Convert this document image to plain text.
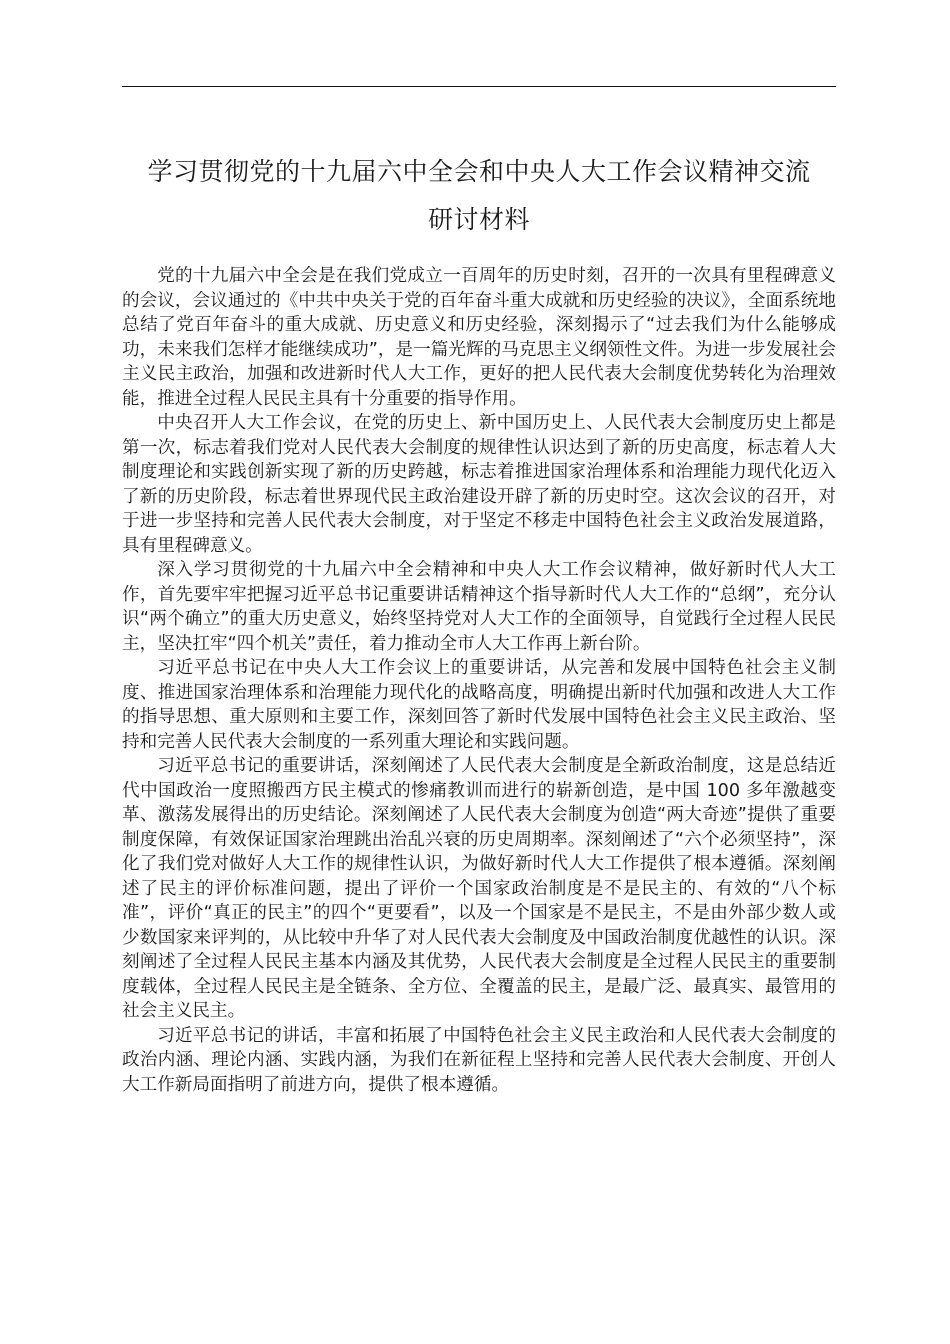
学习贯彻党的十九届六中全会和中央人大工作会议精神交流
研讨材料

党的十九届六中全会是在我们党成立一百周年的历史时刻，召开的一次具有里程碑意义的会议，会议通过的《中共中央关于党的百年奋斗重大成就和历史经验的决议》，全面系统地总结了党百年奋斗的重大成就、历史意义和历史经验，深刻揭示了“过去我们为什么能够成功，未来我们怎样才能继续成功”，是一篇光辉的马克思主义纲领性文件。为进一步发展社会主义民主政治，加强和改进新时代人大工作，更好的把人民代表大会制度优势转化为治理效能，推进全过程人民民主具有十分重要的指导作用。

中央召开人大工作会议，在党的历史上、新中国历史上、人民代表大会制度历史上都是第一次，标志着我们党对人民代表大会制度的规律性认识达到了新的历史高度，标志着人大制度理论和实践创新实现了新的历史跨越，标志着推进国家治理体系和治理能力现代化迈入了新的历史阶段，标志着世界现代民主政治建设开辟了新的历史时空。这次会议的召开，对于进一步坚持和完善人民代表大会制度，对于坚定不移走中国特色社会主义政治发展道路，具有里程碑意义。

深入学习贯彻党的十九届六中全会精神和中央人大工作会议精神，做好新时代人大工作，首先要牢牢把握习近平总书记重要讲话精神这个指导新时代人大工作的“总纲”，充分认识“两个确立”的重大历史意义，始终坚持党对人大工作的全面领导，自觉践行全过程人民民主，坚决扛牢“四个机关”责任，着力推动全市人大工作再上新台阶。

习近平总书记在中央人大工作会议上的重要讲话，从完善和发展中国特色社会主义制度、推进国家治理体系和治理能力现代化的战略高度，明确提出新时代加强和改进人大工作的指导思想、重大原则和主要工作，深刻回答了新时代发展中国特色社会主义民主政治、坚持和完善人民代表大会制度的一系列重大理论和实践问题。

习近平总书记的重要讲话，深刻阐述了人民代表大会制度是全新政治制度，这是总结近代中国政治一度照搬西方民主模式的惨痛教训而进行的崭新创造，是中国 100 多年激越变革、激荡发展得出的历史结论。深刻阐述了人民代表大会制度为创造“两大奇迹”提供了重要制度保障，有效保证国家治理跳出治乱兴衰的历史周期率。深刻阐述了“六个必须坚持”，深化了我们党对做好人大工作的规律性认识，为做好新时代人大工作提供了根本遵循。深刻阐述了民主的评价标准问题，提出了评价一个国家政治制度是不是民主的、有效的“八个标准”，评价“真正的民主”的四个“更要看”，以及一个国家是不是民主，不是由外部少数人或少数国家来评判的，从比较中升华了对人民代表大会制度及中国政治制度优越性的认识。深刻阐述了全过程人民民主基本内涵及其优势，人民代表大会制度是全过程人民民主的重要制度载体，全过程人民民主是全链条、全方位、全覆盖的民主，是最广泛、最真实、最管用的社会主义民主。

习近平总书记的讲话，丰富和拓展了中国特色社会主义民主政治和人民代表大会制度的政治内涵、理论内涵、实践内涵，为我们在新征程上坚持和完善人民代表大会制度、开创人大工作新局面指明了前进方向，提供了根本遵循。
